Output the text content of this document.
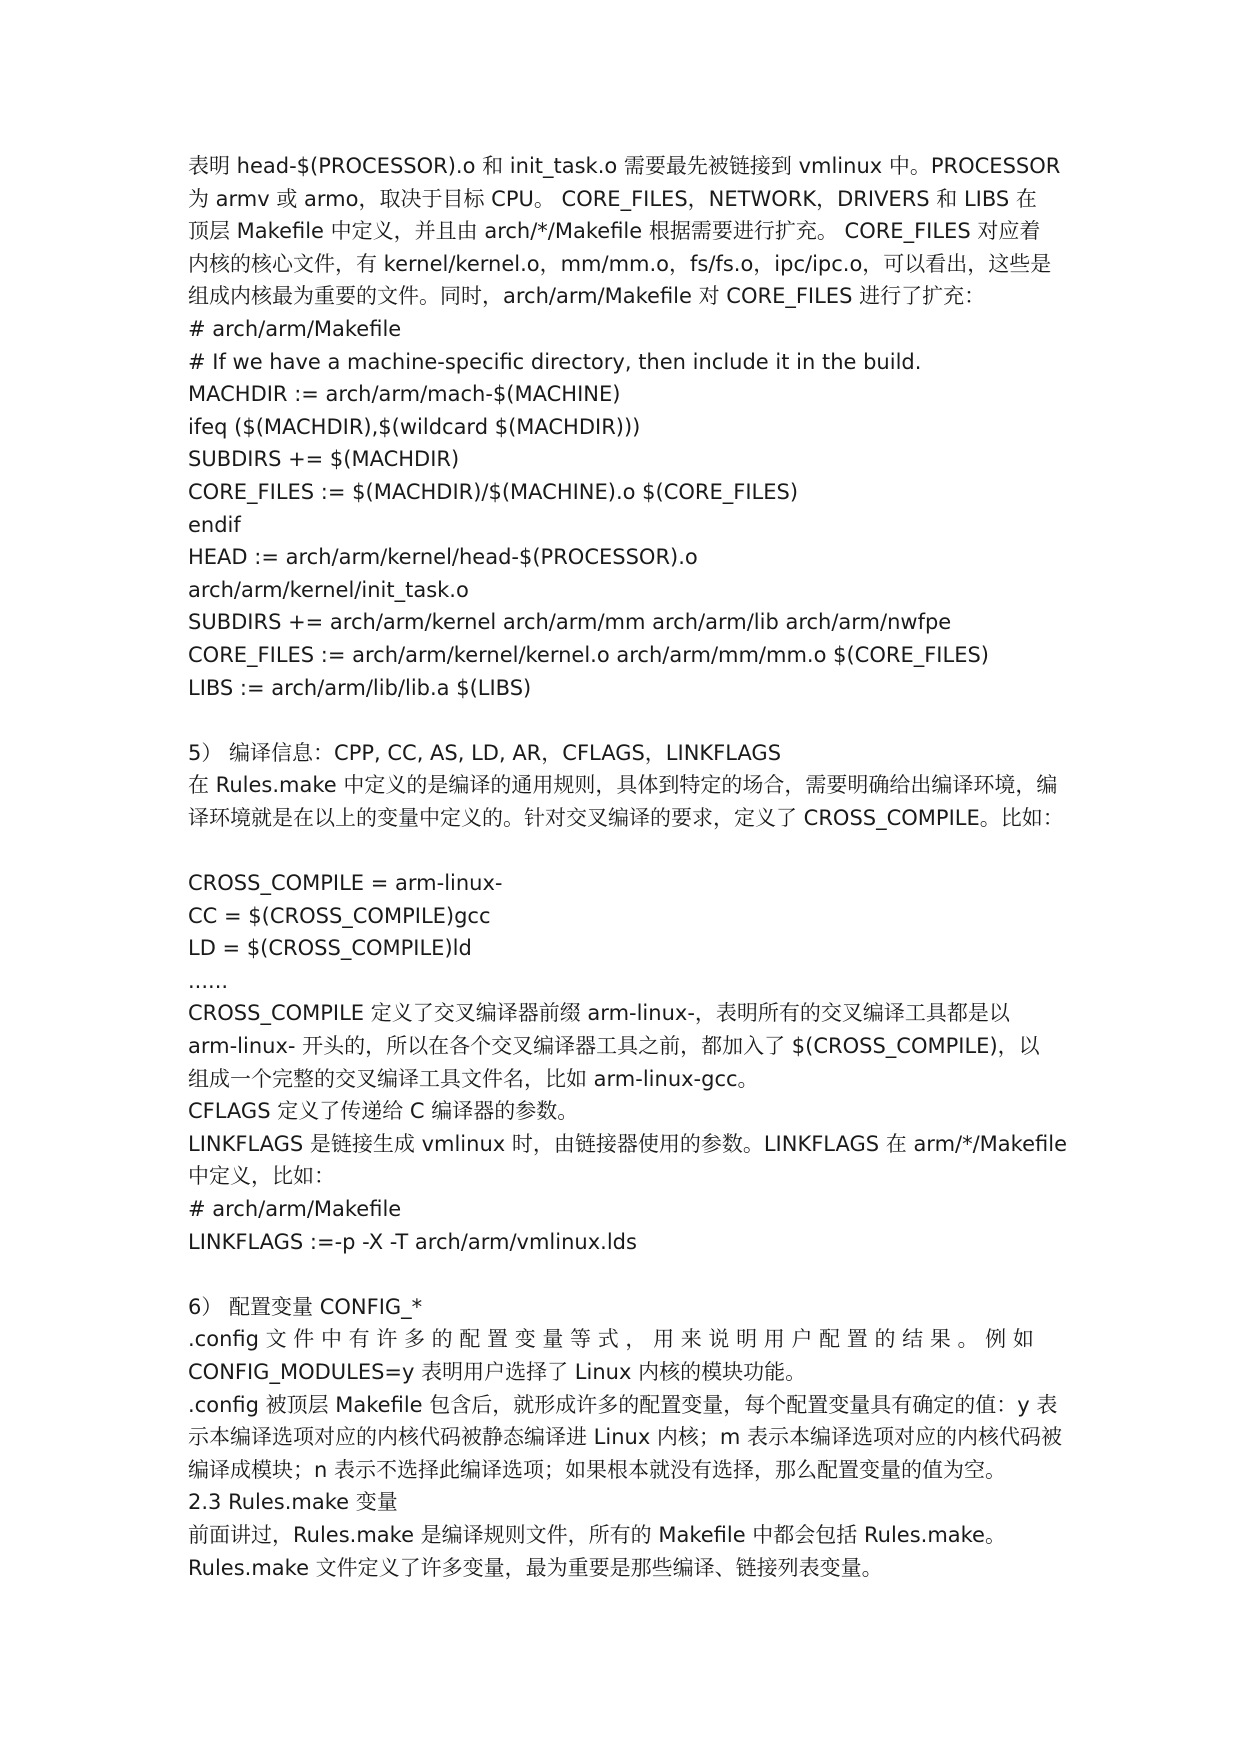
表明 head-$(PROCESSOR).o 和 init_task.o 需要最先被链接到 vmlinux 中。PROCESSOR
为 armv 或 armo，取决于目标 CPU。 CORE_FILES，NETWORK，DRIVERS 和 LIBS 在
顶层 Makefile 中定义，并且由 arch/*/Makefile 根据需要进行扩充。 CORE_FILES 对应着
内核的核心文件，有 kernel/kernel.o，mm/mm.o，fs/fs.o，ipc/ipc.o，可以看出，这些是
组成内核最为重要的文件。同时，arch/arm/Makefile 对 CORE_FILES 进行了扩充：
# arch/arm/Makefile
# If we have a machine-specific directory, then include it in the build.
MACHDIR := arch/arm/mach-$(MACHINE)
ifeq ($(MACHDIR),$(wildcard $(MACHDIR)))
SUBDIRS += $(MACHDIR)
CORE_FILES := $(MACHDIR)/$(MACHINE).o $(CORE_FILES)
endif
HEAD := arch/arm/kernel/head-$(PROCESSOR).o
arch/arm/kernel/init_task.o
SUBDIRS += arch/arm/kernel arch/arm/mm arch/arm/lib arch/arm/nwfpe
CORE_FILES := arch/arm/kernel/kernel.o arch/arm/mm/mm.o $(CORE_FILES)
LIBS := arch/arm/lib/lib.a $(LIBS)
5） 编译信息：CPP, CC, AS, LD, AR，CFLAGS，LINKFLAGS
在 Rules.make 中定义的是编译的通用规则，具体到特定的场合，需要明确给出编译环境，编
译环境就是在以上的变量中定义的。针对交叉编译的要求，定义了 CROSS_COMPILE。比如：
CROSS_COMPILE = arm-linux-
CC = $(CROSS_COMPILE)gcc
LD = $(CROSS_COMPILE)ld
......
CROSS_COMPILE 定义了交叉编译器前缀 arm-linux-，表明所有的交叉编译工具都是以
arm-linux- 开头的，所以在各个交叉编译器工具之前，都加入了 $(CROSS_COMPILE)，以
组成一个完整的交叉编译工具文件名，比如 arm-linux-gcc。
CFLAGS 定义了传递给 C 编译器的参数。
LINKFLAGS 是链接生成 vmlinux 时，由链接器使用的参数。LINKFLAGS 在 arm/*/Makefile
中定义，比如：
# arch/arm/Makefile
LINKFLAGS :=-p -X -T arch/arm/vmlinux.lds
6） 配置变量 CONFIG_*
.config 文 件 中 有 许 多 的 配 置 变 量 等 式 ， 用 来 说 明 用 户 配 置 的 结 果 。 例 如
CONFIG_MODULES=y 表明用户选择了 Linux 内核的模块功能。
.config 被顶层 Makefile 包含后，就形成许多的配置变量，每个配置变量具有确定的值：y 表
示本编译选项对应的内核代码被静态编译进 Linux 内核；m 表示本编译选项对应的内核代码被
编译成模块；n 表示不选择此编译选项；如果根本就没有选择，那么配置变量的值为空。
2.3 Rules.make 变量
前面讲过，Rules.make 是编译规则文件，所有的 Makefile 中都会包括 Rules.make。
Rules.make 文件定义了许多变量，最为重要是那些编译、链接列表变量。
